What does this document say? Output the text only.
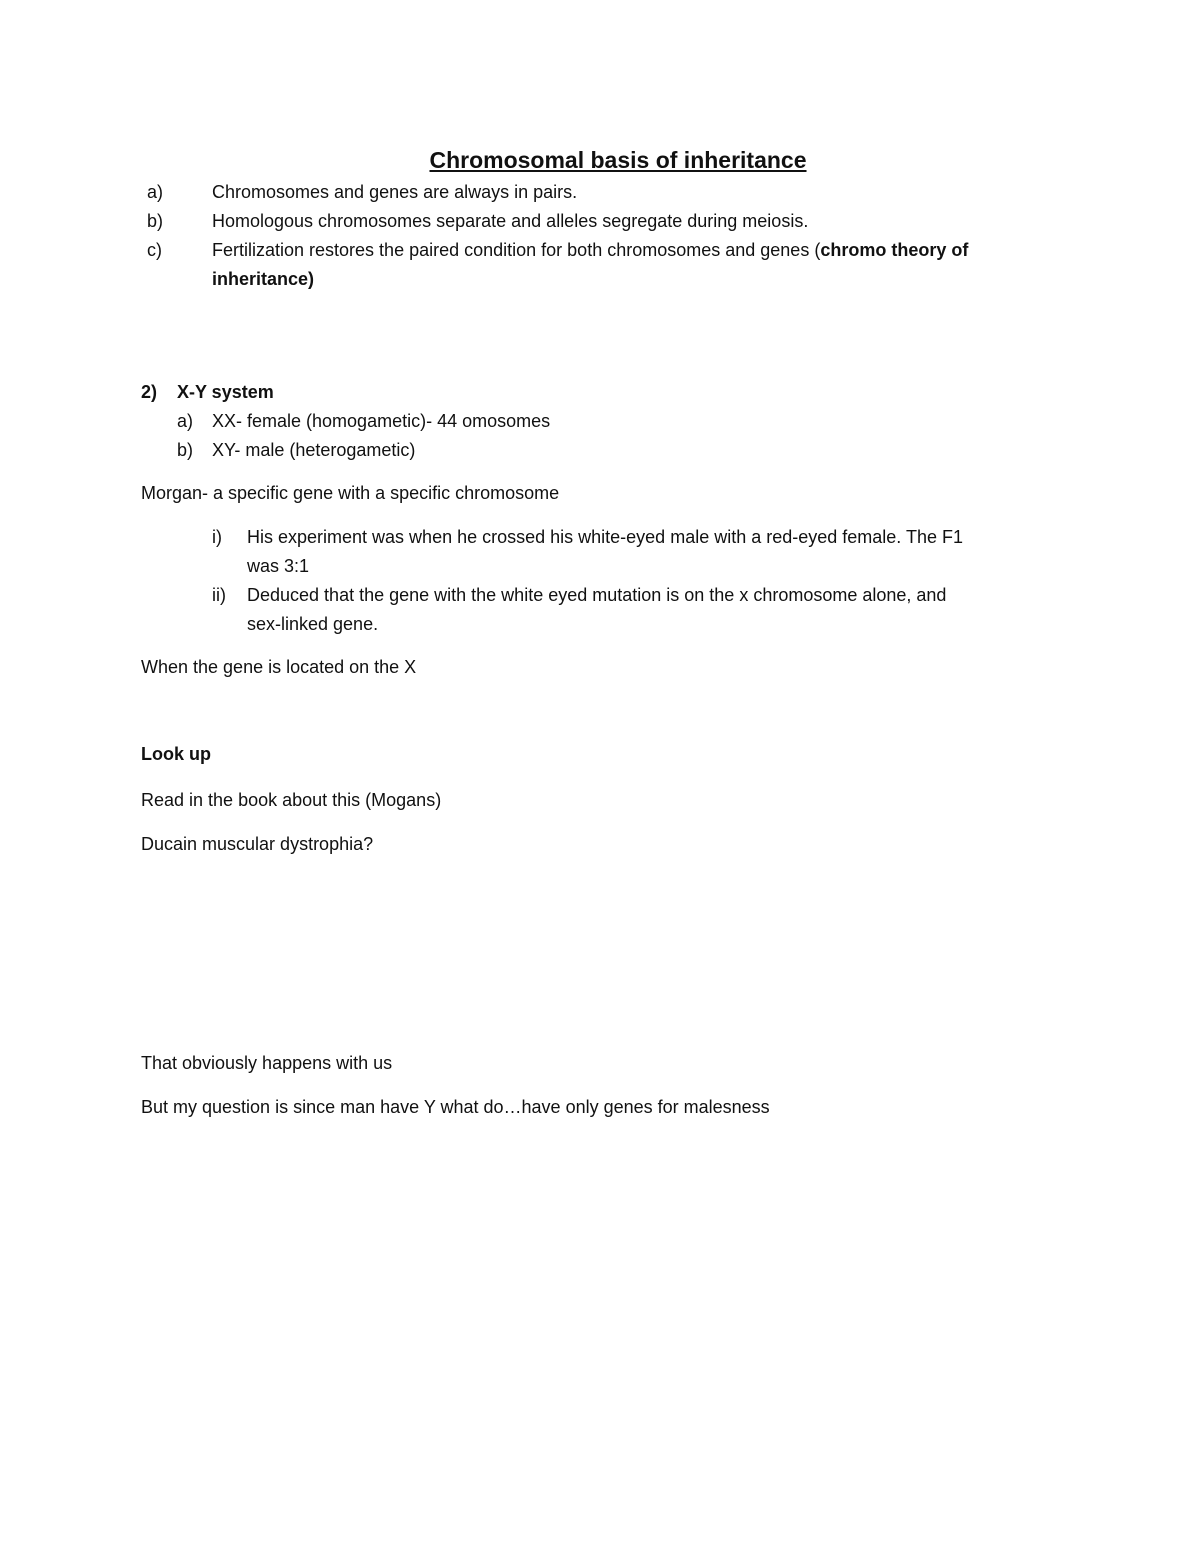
Chromosomal basis of inheritance
a)	Chromosomes and genes are always in pairs.
b)	Homologous chromosomes separate and alleles segregate during meiosis.
c)	Fertilization restores the paired condition for both chromosomes and genes (chromo theory of
inheritance)
2) X-Y system
a) XX- female (homogametic)- 44 omosomes
b) XY- male (heterogametic)
Morgan- a specific gene with a specific chromosome
i) His experiment was when he crossed his white-eyed male with a red-eyed female. The F1
was 3:1
ii) Deduced that the gene with the white eyed mutation is on the x chromosome alone, and
sex-linked gene.
When the gene is located on the X
Look up
Read in the book about this (Mogans)
Ducain muscular dystrophia?
That obviously happens with us
But my question is since man have Y what do…have only genes for malesness
